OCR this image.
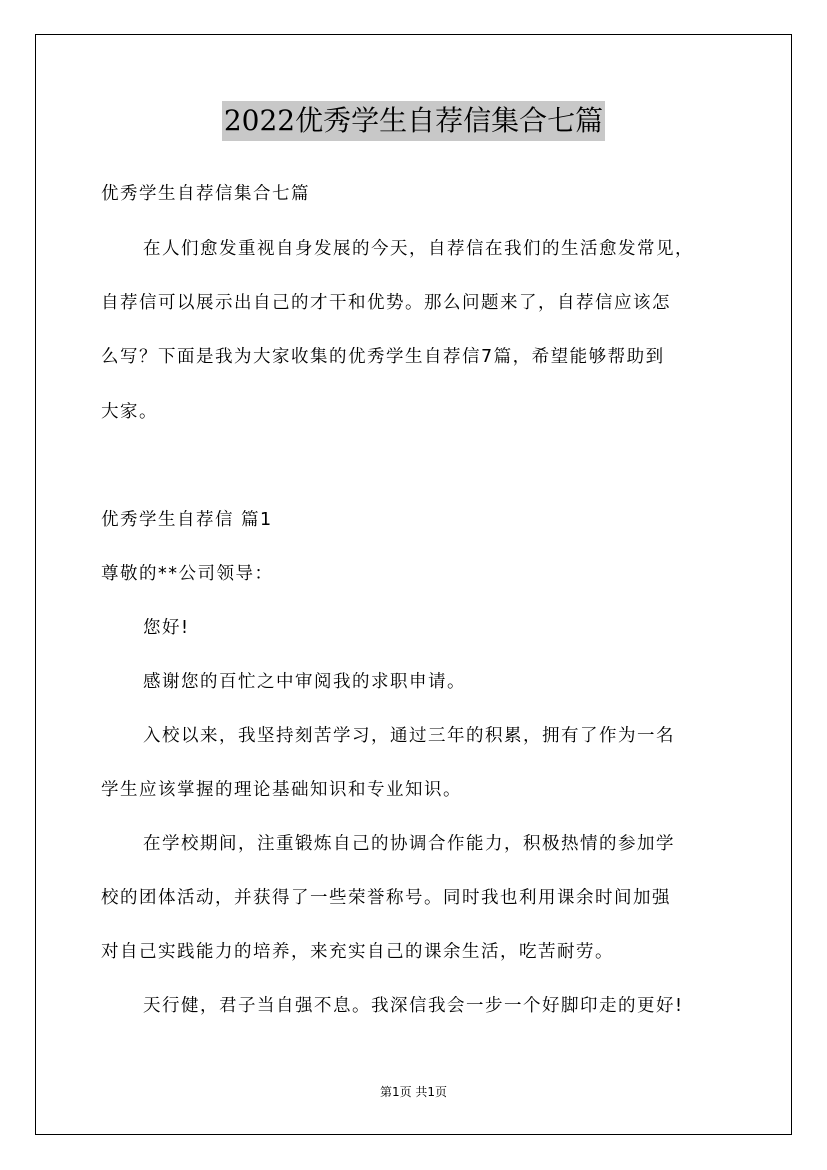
2022优秀学生自荐信集合七篇
优秀学生自荐信集合七篇
在人们愈发重视自身发展的今天，自荐信在我们的生活愈发常见，
自荐信可以展示出自己的才干和优势。那么问题来了，自荐信应该怎
么写？下面是我为大家收集的优秀学生自荐信7篇，希望能够帮助到
大家。
优秀学生自荐信 篇1
尊敬的**公司领导：
您好!
感谢您的百忙之中审阅我的求职申请。
入校以来，我坚持刻苦学习，通过三年的积累，拥有了作为一名
学生应该掌握的理论基础知识和专业知识。
在学校期间，注重锻炼自己的协调合作能力，积极热情的参加学
校的团体活动，并获得了一些荣誉称号。同时我也利用课余时间加强
对自己实践能力的培养，来充实自己的课余生活，吃苦耐劳。
天行健，君子当自强不息。我深信我会一步一个好脚印走的更好!
第1页 共1页
